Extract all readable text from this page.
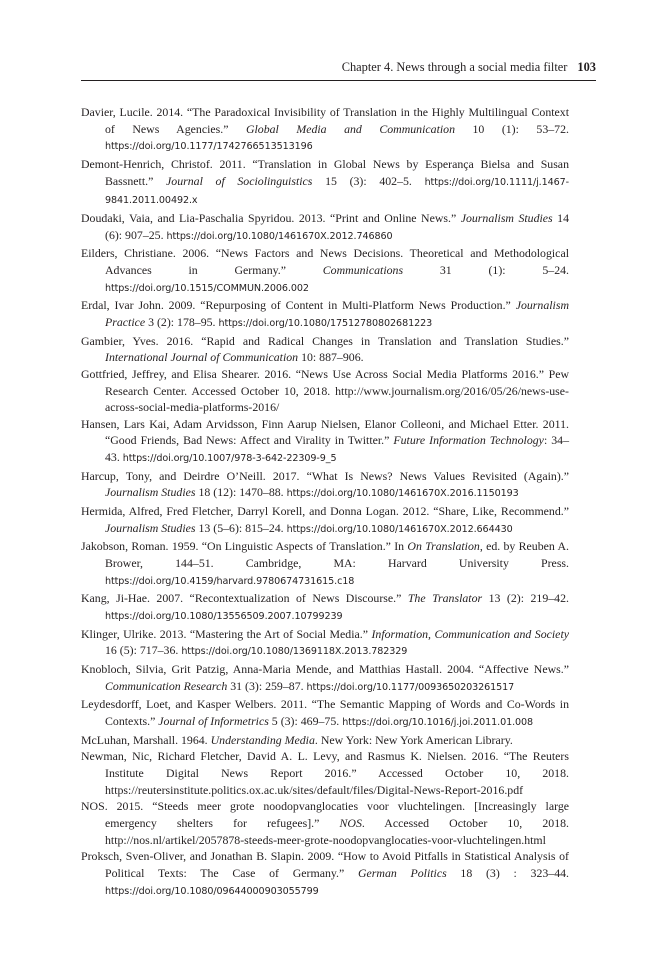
Chapter 4. News through a social media filter 103
Davier, Lucile. 2014. “The Paradoxical Invisibility of Translation in the Highly Multilingual Context of News Agencies.” Global Media and Communication 10 (1): 53–72. https://doi.org/10.1177/1742766513513196
Demont-Henrich, Christof. 2011. “Translation in Global News by Esperança Bielsa and Susan Bassnett.” Journal of Sociolinguistics 15 (3): 402–5. https://doi.org/10.1111/j.1467-9841.2011.00492.x
Doudaki, Vaia, and Lia-Paschalia Spyridou. 2013. “Print and Online News.” Journalism Studies 14 (6): 907–25. https://doi.org/10.1080/1461670X.2012.746860
Eilders, Christiane. 2006. “News Factors and News Decisions. Theoretical and Methodological Advances in Germany.” Communications 31 (1): 5–24. https://doi.org/10.1515/COMMUN.2006.002
Erdal, Ivar John. 2009. “Repurposing of Content in Multi-Platform News Production.” Journalism Practice 3 (2): 178–95. https://doi.org/10.1080/17512780802681223
Gambier, Yves. 2016. “Rapid and Radical Changes in Translation and Translation Studies.” International Journal of Communication 10: 887–906.
Gottfried, Jeffrey, and Elisa Shearer. 2016. “News Use Across Social Media Platforms 2016.” Pew Research Center. Accessed October 10, 2018. http://www.journalism.org/2016/05/26/news-use-across-social-media-platforms-2016/
Hansen, Lars Kai, Adam Arvidsson, Finn Aarup Nielsen, Elanor Colleoni, and Michael Etter. 2011. “Good Friends, Bad News: Affect and Virality in Twitter.” Future Information Technology: 34–43. https://doi.org/10.1007/978-3-642-22309-9_5
Harcup, Tony, and Deirdre O’Neill. 2017. “What Is News? News Values Revisited (Again).” Journalism Studies 18 (12): 1470–88. https://doi.org/10.1080/1461670X.2016.1150193
Hermida, Alfred, Fred Fletcher, Darryl Korell, and Donna Logan. 2012. “Share, Like, Recommend.” Journalism Studies 13 (5–6): 815–24. https://doi.org/10.1080/1461670X.2012.664430
Jakobson, Roman. 1959. “On Linguistic Aspects of Translation.” In On Translation, ed. by Reuben A. Brower, 144–51. Cambridge, MA: Harvard University Press. https://doi.org/10.4159/harvard.9780674731615.c18
Kang, Ji-Hae. 2007. “Recontextualization of News Discourse.” The Translator 13 (2): 219–42. https://doi.org/10.1080/13556509.2007.10799239
Klinger, Ulrike. 2013. “Mastering the Art of Social Media.” Information, Communication and Society 16 (5): 717–36. https://doi.org/10.1080/1369118X.2013.782329
Knobloch, Silvia, Grit Patzig, Anna-Maria Mende, and Matthias Hastall. 2004. “Affective News.” Communication Research 31 (3): 259–87. https://doi.org/10.1177/0093650203261517
Leydesdorff, Loet, and Kasper Welbers. 2011. “The Semantic Mapping of Words and Co-Words in Contexts.” Journal of Informetrics 5 (3): 469–75. https://doi.org/10.1016/j.joi.2011.01.008
McLuhan, Marshall. 1964. Understanding Media. New York: New York American Library.
Newman, Nic, Richard Fletcher, David A. L. Levy, and Rasmus K. Nielsen. 2016. “The Reuters Institute Digital News Report 2016.” Accessed October 10, 2018. https://reutersinstitute.politics.ox.ac.uk/sites/default/files/Digital-News-Report-2016.pdf
NOS. 2015. “Steeds meer grote noodopvanglocaties voor vluchtelingen. [Increasingly large emergency shelters for refugees].” NOS. Accessed October 10, 2018. http://nos.nl/artikel/2057878-steeds-meer-grote-noodopvanglocaties-voor-vluchtelingen.html
Proksch, Sven-Oliver, and Jonathan B. Slapin. 2009. “How to Avoid Pitfalls in Statistical Analysis of Political Texts: The Case of Germany.” German Politics 18 (3) : 323–44. https://doi.org/10.1080/09644000903055799
